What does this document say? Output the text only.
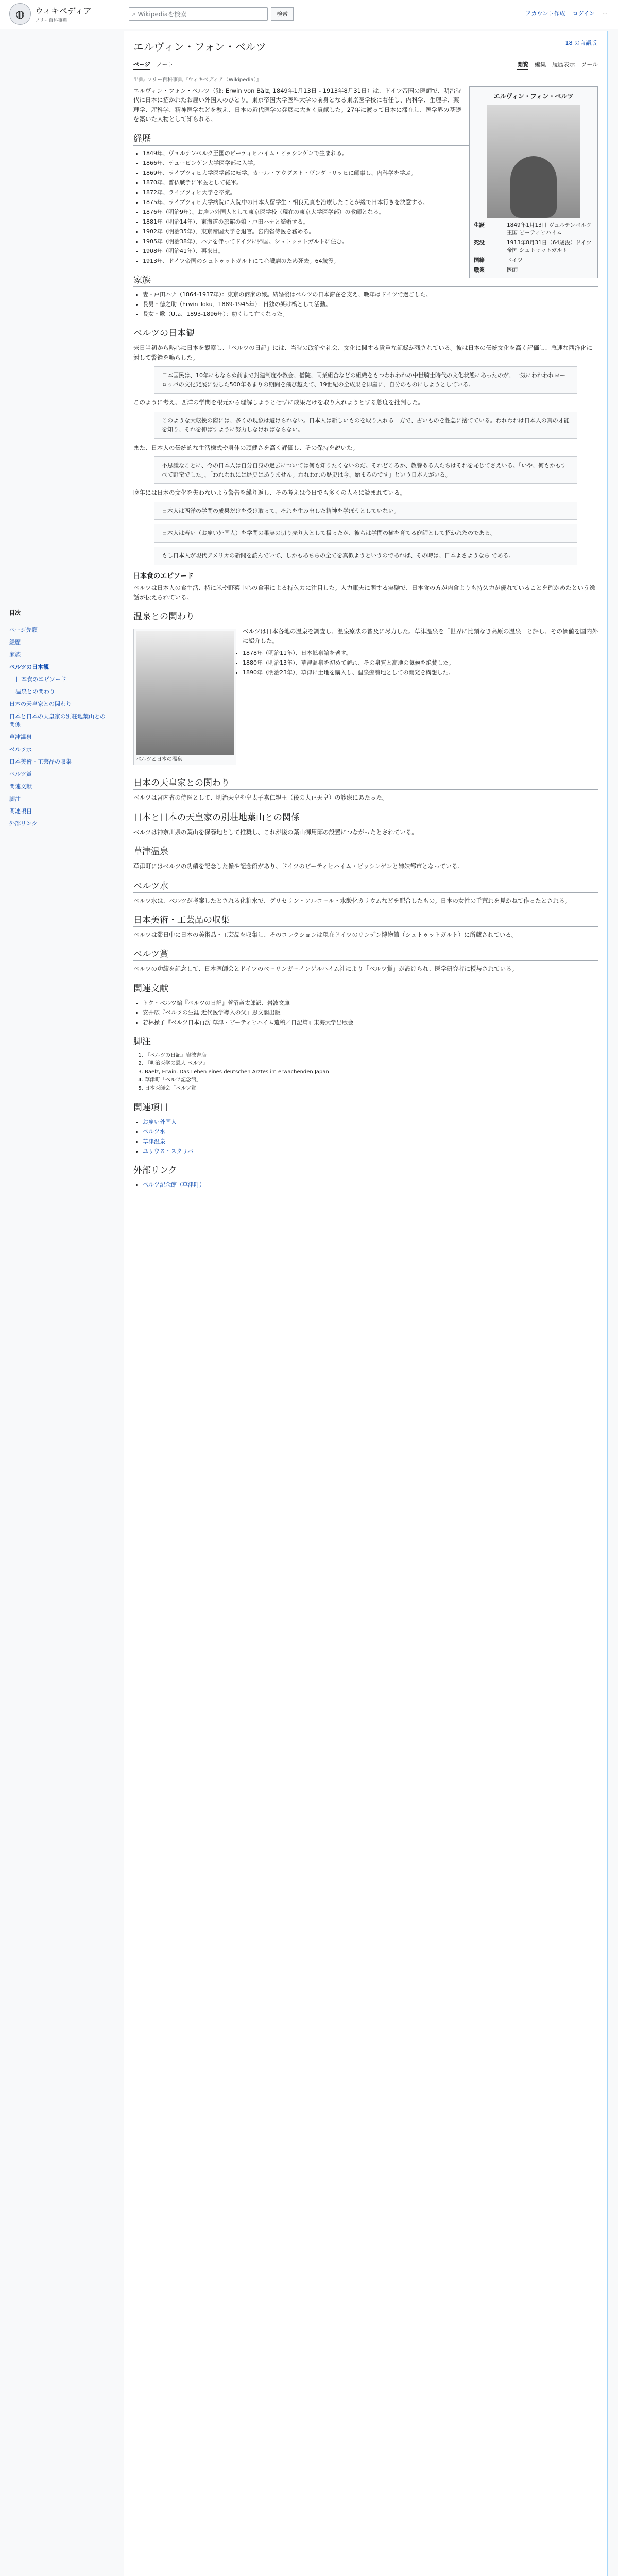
◍	ウィキペディア
フリー百科事典
⌕ Wikipediaを検索	検索	アカウント作成 ログイン …
目次
ページ先頭
経歴
家族
ベルツの日本観
日本食のエピソード
温泉との関わり
日本の天皇家との関わり
日本と日本の天皇家の別荘地葉山との関係
草津温泉
ベルツ水
日本美術・工芸品の収集
ベルツ賞
関連文献
脚注
関連項目
外部リンク
18 の言語版
エルヴィン・フォン・ベルツ
ページ ノート	閲覧 編集 履歴表示 ツール
出典: フリー百科事典『ウィキペディア（Wikipedia）』
エルヴィン・フォン・ベルツ
生誕	1849年1月13日 ヴュルテンベルク王国 ビーティヒハイム
死没	1913年8月31日（64歳没）ドイツ帝国 シュトゥットガルト
国籍	ドイツ
職業	医師

エルヴィン・フォン・ベルツ（独: Erwin von Bälz, 1849年1月13日 - 1913年8月31日）は、ドイツ帝国の医師で、明治時代に日本に招かれたお雇い外国人のひとり。東京帝国大学医科大学の前身となる東京医学校に着任し、内科学、生理学、薬理学、産科学、精神医学などを教え、日本の近代医学の発展に大きく貢献した。27年に渡って日本に滞在し、医学界の基礎を築いた人物として知られる。

経歴
• 1849年、ヴュルテンベルク王国のビーティヒハイム・ビッシンゲンで生まれる。
• 1866年、テュービンゲン大学医学部に入学。
• 1869年、ライプツィヒ大学医学部に転学。カール・アウグスト・ヴンダーリッヒに師事し、内科学を学ぶ。
• 1870年、普仏戦争に軍医として従軍。
• 1872年、ライプツィヒ大学を卒業。
• 1875年、ライプツィヒ大学病院に入院中の日本人留学生・相良元貞を治療したことが縁で日本行きを決意する。
• 1876年（明治9年）、お雇い外国人として東京医学校（現在の東京大学医学部）の教師となる。
• 1881年（明治14年）、東海道の旅館の娘・戸田ハナと結婚する。
• 1902年（明治35年）、東京帝国大学を退官。宮内省侍医を務める。
• 1905年（明治38年）、ハナを伴ってドイツに帰国。シュトゥットガルトに住む。
• 1908年（明治41年）、再来日。
• 1913年、ドイツ帝国のシュトゥットガルトにて心臓病のため死去。64歳没。
家族
• 妻・戸田ハナ（1864-1937年）：東京の商家の娘。結婚後はベルツの日本滞在を支え、晩年はドイツで過ごした。
• 長男・徳之助（Erwin Toku、1889-1945年）：日独の架け橋として活動。
• 長女・歌（Uta、1893-1896年）：幼くして亡くなった。
ベルツの日本観

来日当初から熱心に日本を観察し、「ベルツの日記」には、当時の政治や社会、文化に関する貴重な記録が残されている。彼は日本の伝統文化を高く評価し、急速な西洋化に対して警鐘を鳴らした。

日本国民は、10年にもならぬ前まで封建制度や教会、僧院、同業組合などの組織をもつわれわれの中世騎士時代の文化状態にあったのが、一気にわれわれヨーロッパの文化発展に要した500年あまりの期間を飛び越えて、19世紀の全成果を即座に、自分のものにしようとしている。

このように考え、西洋の学問を根元から理解しようとせずに成果だけを取り入れようとする態度を批判した。

このような大転換の際には、多くの現象は避けられない。日本人は新しいものを取り入れる一方で、古いものを性急に捨てている。われわれは日本人の真の才能を知り、それを伸ばすように努力しなければならない。

また、日本人の伝統的な生活様式や身体の頑健さを高く評価し、その保持を説いた。

不思議なことに、今の日本人は自分自身の過去については何も知りたくないのだ。それどころか、教養ある人たちはそれを恥じてさえいる。「いや、何もかもすべて野蛮でした」、「われわれには歴史はありません。われわれの歴史は今、始まるのです」という日本人がいる。

晩年には日本の文化を失わないよう警告を繰り返し、その考えは今日でも多くの人々に読まれている。

日本人は西洋の学問の成果だけを受け取って、それを生み出した精神を学ぼうとしていない。
日本人は若い（お雇い外国人）を学問の果実の切り売り人として扱ったが、彼らは学問の樹を育てる庭師として招かれたのである。
もし日本人が現代アメリカの新聞を読んでいて、しかもあちらの全てを真似ようというのであれば、その時は、日本よさようなら である。
日本食のエピソード

ベルツは日本人の食生活、特に米や野菜中心の食事による持久力に注目した。人力車夫に関する実験で、日本食の方が肉食よりも持久力が優れていることを確かめたという逸話が伝えられている。

温泉との関わり
ベルツと日本の温泉

ベルツは日本各地の温泉を調査し、温泉療法の普及に尽力した。草津温泉を「世界に比類なき高原の温泉」と評し、その価値を国内外に紹介した。

• 1878年（明治11年）、日本鉱泉論を著す。
• 1880年（明治13年）、草津温泉を初めて訪れ、その泉質と高地の気候を絶賛した。
• 1890年（明治23年）、草津に土地を購入し、温泉療養地としての開発を構想した。
日本の天皇家との関わり

ベルツは宮内省の侍医として、明治天皇や皇太子嘉仁親王（後の大正天皇）の診療にあたった。

日本と日本の天皇家の別荘地葉山との関係

ベルツは神奈川県の葉山を保養地として推奨し、これが後の葉山御用邸の設置につながったとされている。

草津温泉

草津町にはベルツの功績を記念した像や記念館があり、ドイツのビーティヒハイム・ビッシンゲンと姉妹都市となっている。

ベルツ水

ベルツ水は、ベルツが考案したとされる化粧水で、グリセリン・アルコール・水酸化カリウムなどを配合したもの。日本の女性の手荒れを見かねて作ったとされる。

日本美術・工芸品の収集

ベルツは滞日中に日本の美術品・工芸品を収集し、そのコレクションは現在ドイツのリンデン博物館（シュトゥットガルト）に所蔵されている。

ベルツ賞

ベルツの功績を記念して、日本医師会とドイツのベーリンガーインゲルハイム社により「ベルツ賞」が設けられ、医学研究者に授与されている。

関連文献
• トク・ベルツ編『ベルツの日記』菅沼竜太郎訳、岩波文庫
• 安井広『ベルツの生涯 近代医学導入の父』思文閣出版
• 若林操子『ベルツ日本再訪 草津・ビーティヒハイム遺稿／日記篇』東海大学出版会
脚注
1. 『ベルツの日記』岩波書店
2. 『明治医学の恩人 ベルツ』
3. Baelz, Erwin. Das Leben eines deutschen Arztes im erwachenden Japan.
4. 草津町「ベルツ記念館」
5. 日本医師会「ベルツ賞」
関連項目
• お雇い外国人
• ベルツ水
• 草津温泉
• ユリウス・スクリバ
外部リンク
• ベルツ記念館（草津町）
